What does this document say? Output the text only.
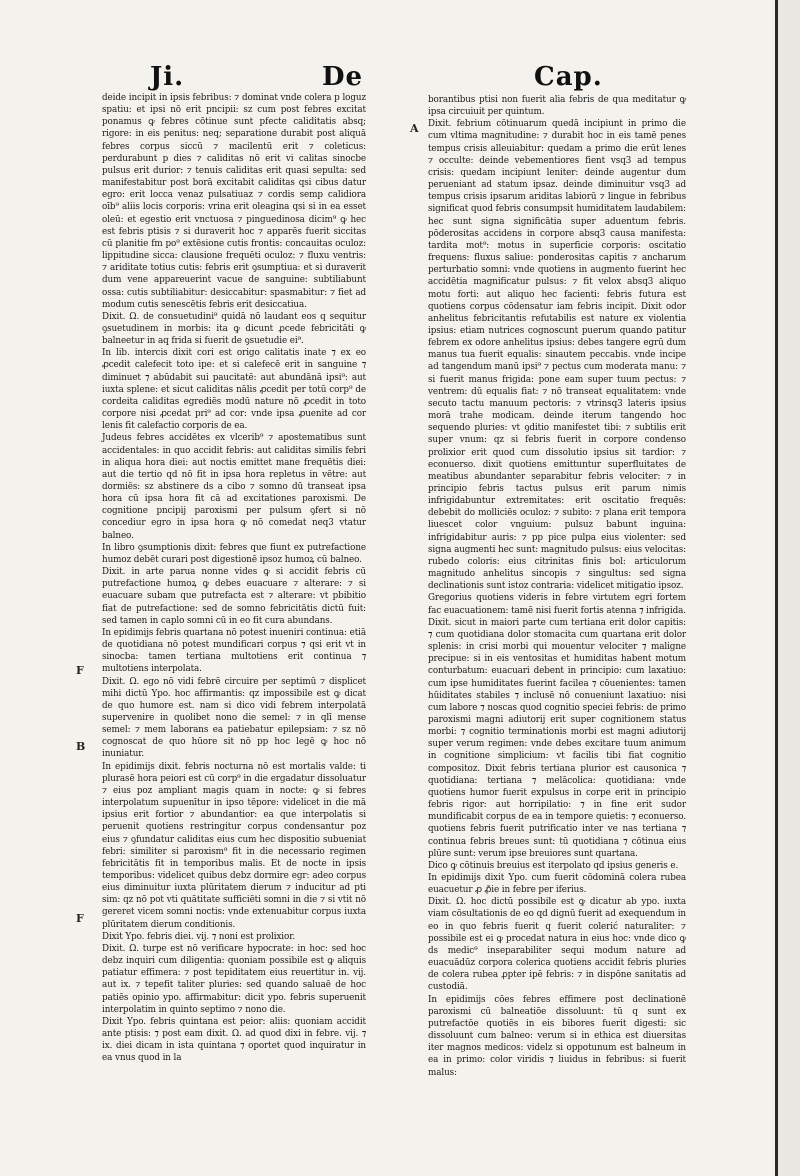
Ji.	De	Cap.
A
F
B
F

deide incipit in ipsis febribus: ⁊ dominat vnde colera p loguz spatiu: et ipsi nō erit pncipii: sz cum post febres excitat ponamus ꝙ febres cōtinue sunt pfecte caliditatis absq; rigore: in eis penitus: neq; separatione durabit post aliquā febres corpus siccū ⁊ macilentū erit ⁊ coleticus: perdurabunt p dies ⁊ caliditas nō erit vi calitas sinocbe pulsus erit durior: ⁊ tenuis caliditas erit quasi sepulta: sed manifestabitur post borā excitabit caliditas qsi cibus datur egro: erit locca venaz pulsatiuaz ⁊ cordis semp calidiora oīb⁹ aliis locis corporis: vrina erit oleagina qsi si in ea esset oleū: et egestio erit vnctuosa ⁊ pinguedinosa dicim⁹ ꝙ hec est febris ptisis ⁊ si duraverit hoc ⁊ apparēs fuerit siccitas cū planitie fm po⁹ extēsione cutis frontis: concauitas oculoz: lippitudine sicca: clausione frequēti oculoz: ⁊ fluxu ventris: ⁊ ariditate totius cutis: febris erit ꝯsumptiua: et si duraverit dum vene appareuerint vacue de sanguine: subtiliabunt ossa: cutis subtiliabitur: desiccabitur: spasmabitur: ⁊ fiet ad modum cutis senescētis febris erit desiccatiua.

Dixit. Ω. de consuetudini⁹ quidā nō laudant eos q sequitur ꝯsuetudinem in morbis: ita ꝙ dicunt ꝓcede febricitāti ꝙ balneetur in aq frida si fuerit de ꝯsuetudie ei⁹.

In lib. intercis dixit cori est origo calitatis inate ⁊ ex eo ꝓcedit calefecit toto ipe: et si calefecē erit in sanguine ⁊ diminuet ⁊ abūdabit sui paucitatē: aut abundānā ipsi⁹: aut iuxta splene: et sicut caliditas nālis ꝓcedit per totū corp⁹ de cordeita caliditas egrediēs modū nature nō ꝓcedit in toto corpore nisi ꝓcedat pri⁹ ad cor: vnde ipsa ꝓuenite ad cor lenis fit calefactio corporis de ea.

Judeus febres accidētes ex vlcerib⁹ ⁊ apostematibus sunt accidentales: in quo accidit febris: aut caliditas similis febri in aliqua hora diei: aut noctis emittet mane frequētis diei: aut die tertio qd nō fit in ipsa hora repletus in vētre: aut dormiēs: sz abstinere ds a cibo ⁊ somno dū transeat ipsa hora cū ipsa hora fit cā ad excitationes paroxismi. De cognitione pncipij paroxismi per pulsum ꝯfert si nō concediur egro in ipsa hora ꝙ nō comedat neq3 vtatur balneo.

In libro ꝯsumptionis dixit: febres que fiunt ex putrefactione humoz debēt curari post digestionē ipsoz humoꝝ cū balneo.

Dixit. in arte parua nonne vides ꝙ si accidit febris cū putrefactione humoꝝ ꝙ debes euacuare ⁊ alterare: ⁊ si euacuare subam que putrefacta est ⁊ alterare: vt pbibitio fiat de putrefactione: sed de somno febricitātis dictū fuit: sed tamen in caplo somni cū in eo fit cura abundans.

In epidimijs febris quartana nō potest inueniri continua: etiā de quotidiana nō potest mundificari corpus ⁊ qsi erit vt in sinocba: tamen tertiana multotiens erit continua ⁊ multotiens interpolata.

Dixit. Ω. ego nō vidi febrē circuire per septimū ⁊ displicet mihi dictū Ypo. hoc affirmantis: qz impossibile est ꝙ dicat de quo humore est. nam si dico vidi febrem interpolatā supervenire in quolibet nono die semel: ⁊ in qlī mense semel: ⁊ mem laborans ea patiebatur epilepsiam: ⁊ sz nō cognoscat de quo hūore sit nō pp hoc legē ꝙ hoc nō inuniatur.

In epidimijs dixit. febris nocturna nō est mortalis valde: ti plurasē hora peiori est cū corp⁹ in die ergadatur dissoluatur ⁊ eius poz ampliant magis quam in nocte: ꝙ si febres interpolatum supuenītur in ipso tēpore: videlicet in die mā ipsius erit fortior ⁊ abundantior: ea que interpolatis si peruenit quotiens restringitur corpus condensantur poz eius ⁊ ꝯfundatur caliditas eius cum hec dispositio subueniat febri: similiter si paroxism⁹ fit in die necessario regimen febricitātis fit in temporibus malis. Et de nocte in ipsis temporibus: videlicet quibus debz dormire egr: adeo corpus eius diminuitur iuxta plūritatem dierum ⁊ inducitur ad pti sim: qz nō pot vti quātitate sufficiēti somni in die ⁊ si vtit nō gereret vicem somni noctis: vnde extenuabitur corpus iuxta plūritatem dierum conditionis.

Dixit Ypo. febris diei. vij. ⁊ noni est prolixior.

Dixit. Ω. turpe est nō verificare hypocrate: in hoc: sed hoc debz inquiri cum diligentia: quoniam possibile est ꝙ aliquis patiatur effimera: ⁊ post tepiditatem eius reuertitur in. vij. aut ix. ⁊ tepefit taliter pluries: sed quando saluaē de hoc patiēs opinio ypo. affirmabitur: dicit ypo. febris superuenit interpolatim in quinto septimo ⁊ nono die.

Dixit Ypo. febris quintana est peior: aliis: quoniam accidit ante ptisis: ⁊ post eam dixit. Ω. ad quod dixi in febre. vij. ⁊ ix. diei dicam in ista quintana ⁊ oportet quod inquiratur in ea vnus quod in la

borantibus ptisi non fuerit alia febris de qua meditatur ꝙ ipsa circuiuit per quintum.

Dixit. febrium cōtinuarum quedā incipiunt in primo die cum vltima magnitudine: ⁊ durabit hoc in eis tamē penes tempus crisis alleuiabitur: quedam a primo die erūt lenes ⁊ occulte: deinde vebementiores fient vsq3 ad tempus crisis: quedam incipiunt leniter: deinde augentur dum perueniant ad statum ipsaz. deinde diminuitur vsq3 ad tempus crisis ipsarum ariditas labiorū ⁊ lingue in febribus significat quod febris consumpsit humiditatem laudabilem: hec sunt signa significātia super aduentum febris. pōderositas accidens in corpore absq3 causa manifesta: tardita mot⁹: motus in superficie corporis: oscitatio frequens: fluxus saliue: ponderositas capitis ⁊ ancharum perturbatio somni: vnde quotiens in augmento fuerint hec accidētia magnificatur pulsus: ⁊ fit velox absq3 aliquo motu forti: aut aliquo hec facienti: febris futura est quotiens corpus cōdensatur iam febris incipit. Dixit odor anhelitus febricitantis refutabilis est nature ex violentia ipsius: etiam nutrices cognoscunt puerum quando patitur febrem ex odore anhelitus ipsius: debes tangere egrū dum manus tua fuerit equalis: sinautem peccabis. vnde incipe ad tangendum manū ipsi⁹ ⁊ pectus cum moderata manu: ⁊ si fuerit manus frigida: pone eam super tuum pectus: ⁊ ventrem: dū equalis fiat: ⁊ nō transeat equalitatem: vnde secuto tactu manuum pectoris: ⁊ vtrinsq3 lateris ipsius morā trahe modicam. deinde iterum tangendo hoc sequendo pluries: vt ꝯditio manifestet tibi: ⁊ subtilis erit super vnum: qz si febris fuerit in corpore condenso prolixior erit quod cum dissolutio ipsius sit tardior: ⁊ econuerso. dixit quotiens emittuntur superfluitates de meatibus abundanter separabitur febris velociter: ⁊ in principio febris tactus pulsus erit parum nimis infrigidabuntur extremitates: erit oscitatio frequēs: debebit do molliciēs oculoz: ⁊ subito: ⁊ plana erit tempora liuescet color vnguium: pulsuz babunt inguina: infrigidabitur auris: ⁊ pp pice pulpa eius violenter: sed signa augmenti hec sunt: magnitudo pulsus: eius velocitas: rubedo coloris: eius citrinitas finis bol: articulorum magnitudo anhelitus sincopis ⁊ singultus: sed signa declinationis sunt istoz contraria: videlicet mitigatio ipsoz.

Gregorius quotiens videris in febre virtutem egri fortem fac euacuationem: tamē nisi fuerit fortis atenna ⁊ infrigida. Dixit. sicut in maiori parte cum tertiana erit dolor capitis: ⁊ cum quotidiana dolor stomacita cum quartana erit dolor splenis: in crisi morbi qui mouentur velociter ⁊ maligne precipue: si in eis ventositas et humiditas habent motum conturbatum: euacuari debent in principio: cum laxatiuo: cum ipse humiditates fuerint facilea ⁊ cōuenientes: tamen hūiditates stabiles ⁊ inclusē nō conueniunt laxatiuo: nisi cum labore ⁊ noscas quod cognitio speciei febris: de primo paroxismi magni adiutorij erit super cognitionem status morbi: ⁊ cognitio terminationis morbi est magni adiutorij super verum regimen: vnde debes excitare tuum animum in cognitione simplicium: vt facilis tibi fiat cognitio compositoz. Dixit febris tertiana plurior est causonica ⁊ quotidiana: tertiana ⁊ melācolica: quotidiana: vnde quotiens humor fuerit expulsus in corpe erit in principio febris rigor: aut horripilatio: ⁊ in fine erit sudor mundificabit corpus de ea in tempore quietis: ⁊ econuerso. quotiens febris fuerit putrificatio inter ve nas tertiana ⁊ continua febris breues sunt: tū quotidiana ⁊ cōtinua eius plūre sunt: verum ipse breuiores sunt quartana.

Dico ꝙ cōtinuis breuius est iterpolato qd ipsius generis e.

In epidimijs dixit Ypo. cum fuerit cōdominā colera rubea euacuetur ꝓ ꝓ̄ie in febre per iferius.

Dixit. Ω. hoc dictū possibile est ꝙ dicatur ab ypo. iuxta viam cōsultationis de eo qd dignū fuerit ad exequendum in eo in quo febris fuerit q fuerit colerić naturaliter: ⁊ possibile est ei ꝙ procedat natura in eius hoc: vnde dico ꝙ ds medic⁹ inseparabiliter sequi modum nature ad euacuādūz corpora colerica quotiens accidit febris pluries de colera rubea ꝓpter ipē febris: ⁊ in dispōne sanitatis ad custodiā.

In epidimijs cōes febres effimere post declinationē paroxismi cū balneatiōe dissoluunt: tū q sunt ex putrefactōe quotiēs in eis bibores fuerit digesti: sic dissoluunt cum balneo: verum si in ethica est diuersitas iter magnos medicos: videlz si oppotunum est balneum in ea in primo: color viridis ⁊ liuidus in febribus: si fuerit malus:
